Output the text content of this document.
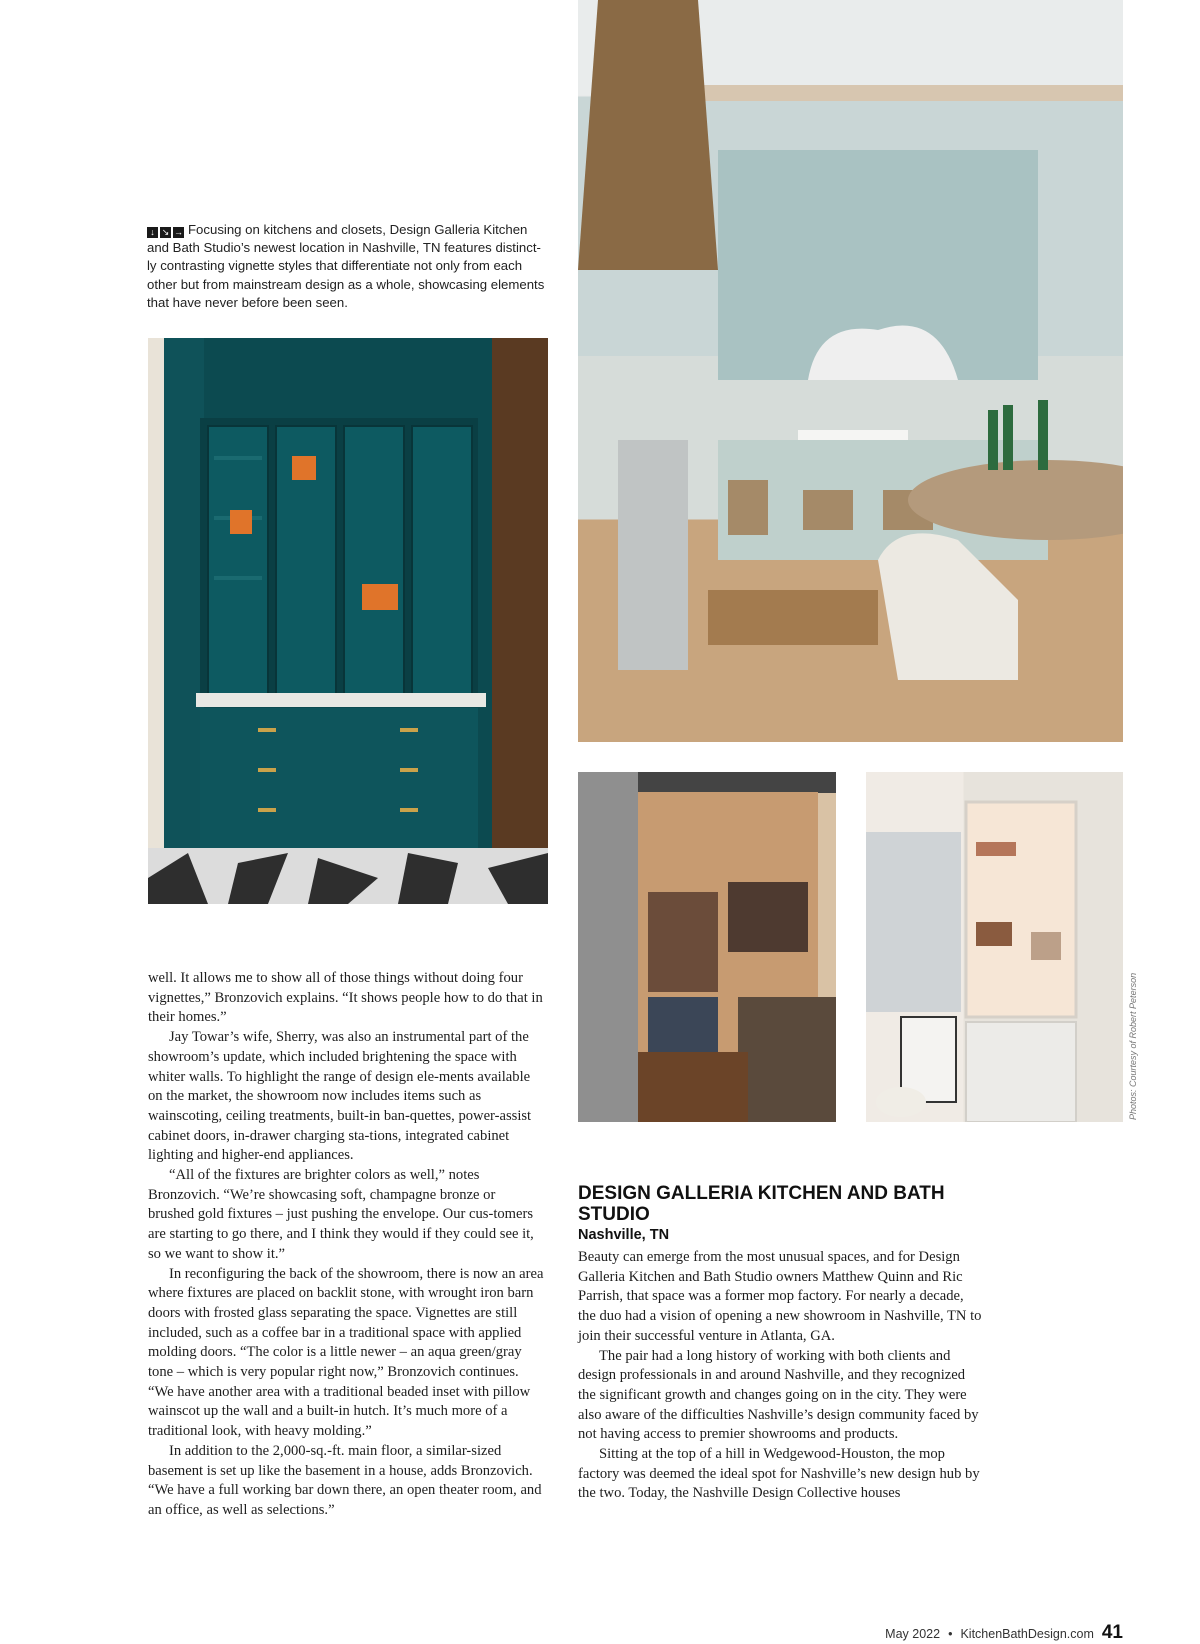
↓ ↘ → Focusing on kitchens and closets, Design Galleria Kitchen and Bath Studio’s newest location in Nashville, TN features distinct-ly contrasting vignette styles that differentiate not only from each other but from mainstream design as a whole, showcasing elements that have never before been seen.
Photos: Courtesy of Robert Peterson

well. It allows me to show all of those things without doing four vignettes,” Bronzovich explains. “It shows people how to do that in their homes.”

Jay Towar’s wife, Sherry, was also an instrumental part of the showroom’s update, which included brightening the space with whiter walls. To highlight the range of design ele-ments available on the market, the showroom now includes items such as wainscoting, ceiling treatments, built-in ban-quettes, power-assist cabinet doors, in-drawer charging sta-tions, integrated cabinet lighting and higher-end appliances.

“All of the fixtures are brighter colors as well,” notes Bronzovich. “We’re showcasing soft, champagne bronze or brushed gold fixtures – just pushing the envelope. Our cus-tomers are starting to go there, and I think they would if they could see it, so we want to show it.”

In reconfiguring the back of the showroom, there is now an area where fixtures are placed on backlit stone, with wrought iron barn doors with frosted glass separating the space. Vignettes are still included, such as a coffee bar in a traditional space with applied molding doors. “The color is a little newer – an aqua green/gray tone – which is very popular right now,” Bronzovich continues. “We have another area with a traditional beaded inset with pillow wainscot up the wall and a built-in hutch. It’s much more of a traditional look, with heavy molding.”

In addition to the 2,000-sq.-ft. main floor, a similar-sized basement is set up like the basement in a house, adds Bronzovich. “We have a full working bar down there, an open theater room, and an office, as well as selections.”

DESIGN GALLERIA KITCHEN AND BATH STUDIO
Nashville, TN

Beauty can emerge from the most unusual spaces, and for Design Galleria Kitchen and Bath Studio owners Matthew Quinn and Ric Parrish, that space was a former mop factory. For nearly a decade, the duo had a vision of opening a new showroom in Nashville, TN to join their successful venture in Atlanta, GA.

The pair had a long history of working with both clients and design professionals in and around Nashville, and they recognized the significant growth and changes going on in the city. They were also aware of the difficulties Nashville’s design community faced by not having access to premier showrooms and products.

Sitting at the top of a hill in Wedgewood-Houston, the mop factory was deemed the ideal spot for Nashville’s new design hub by the two. Today, the Nashville Design Collective houses

May 2022 • KitchenBathDesign.com 41
